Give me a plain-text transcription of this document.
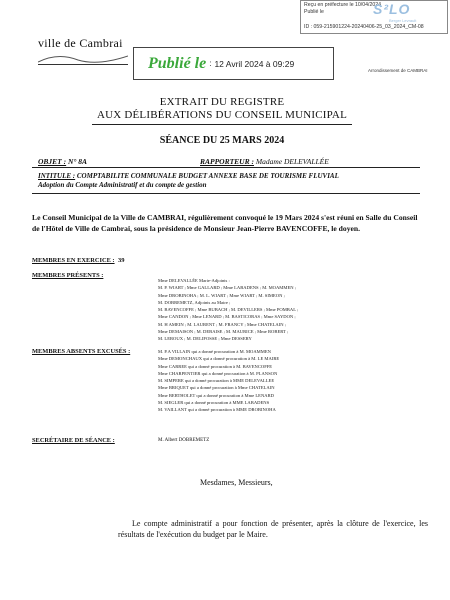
Reçu en préfecture le 10/04/2024
Publié le
ID : 059-215901224-20240406-25_03_2024_CM-08
S²LO
Berger Levrault
ville de Cambrai
Publié le : 12 Avril 2024 à 09:29
Arrondissement de CAMBRAI
EXTRAIT DU REGISTRE
AUX DÉLIBÉRATIONS DU CONSEIL MUNICIPAL
SÉANCE DU 25 MARS 2024
OBJET : N° 8A	RAPPORTEUR : Madame DELEVALLÉE
INTITULE : COMPTABILITE COMMUNALE BUDGET ANNEXE BASE DE TOURISME FLUVIAL
Adoption du Compte Administratif et du compte de gestion
Le Conseil Municipal de la Ville de CAMBRAI, régulièrement convoqué le 19 Mars 2024 s'est réuni en Salle du Conseil de l'Hôtel de Ville de Cambrai, sous la présidence de Monsieur Jean-Pierre BAVENCOFFE, le doyen.
MEMBRES EN EXERCICE : 39
MEMBRES PRÉSENTS :
Mme DELEVALLÉE Marie-Adjoints :
M. P. WIART ; Mme GALLARD ; Mme LABADENS ; M. MOAMMEN ;
Mme DROBINOHA ; M. L. WIART ; Mme WIART ; M. SIMEON ;
M. DOBREMETZ, Adjoints au Maire ;
M. BAVENCOFFE ; Mme BUBACH ; M. DEVILLERS ; Mme POMBAL ;
Mme CANDON ; Mme LENARD ; M. BASTICORAS ; Mme SAYDON ;
M. H AMEIN ; M. LAURENT ; M. FRANCY ; Mme CHATELAIN ;
Mme DEMAISON ; M. DEBAISE ; M. MAURICE ; Mme ROBERT ;
M. LEROUX ; M. DELIFOSSE ; Mme DESSERY
MEMBRES ABSENTS EXCUSÉS :	M. P.A VILLAIN qui a donné procuration à M. MOAMMEN
Mme DEMONCHAUX qui a donné procuration à M. LE MAIRE
Mme CARREE qui a donné procuration à M. BAVENCOFFE
Mme CHARPENTIER qui a donné procuration à M. PLANSON
M. SIMPERE qui a donné procuration à MME DELEVALLEE
Mme BRIQUET qui a donné procuration à Mme CHATELAIN
Mme BERTHOLET qui a donné procuration à Mme LENARD
M. SIEGLER qui a donné procuration à MME LABADENS
M. VAILLANT qui a donné procuration à MME DROBINOHA
SECRÉTAIRE DE SÉANCE :	M. Albert DOBREMETZ
Mesdames, Messieurs,
Le compte administratif a pour fonction de présenter, après la clôture de l'exercice, les résultats de l'exécution du budget par le Maire.
